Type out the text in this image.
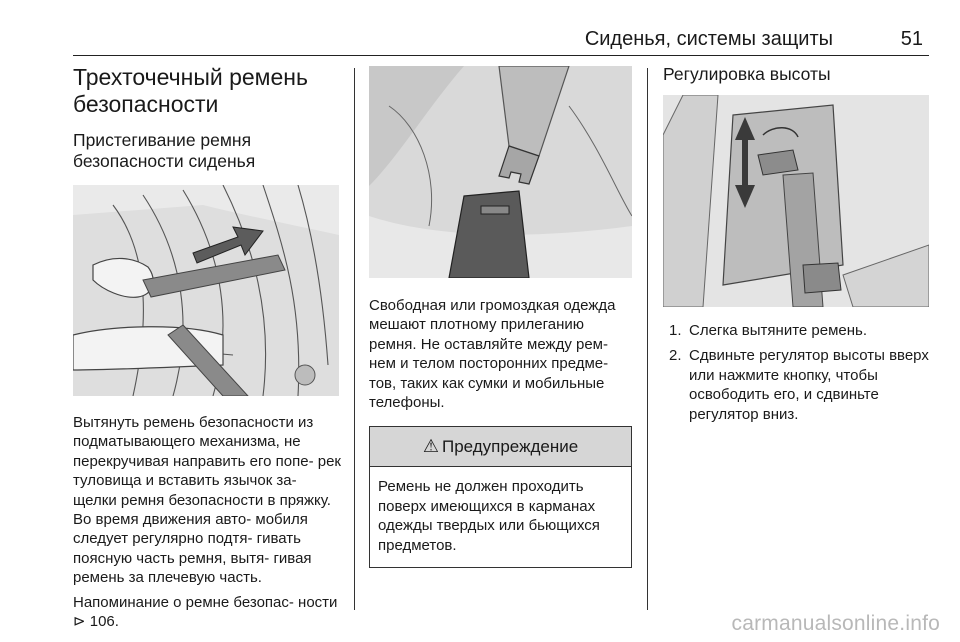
Сиденья, системы защиты	51
Трехточечный ремень безопасности
Пристегивание ремня безопасности сиденья

Вытянуть ремень безопасности из подматывающего механизма, не перекручивая направить его попе- рек туловища и вставить язычок за- щелки ремня безопасности в пряжку. Во время движения авто- мобиля следует регулярно подтя- гивать поясную часть ремня, вытя- гивая ремень за плечевую часть.

Напоминание о ремне безопас- ности ⊳ 106.

Свободная или громоздкая одежда мешают плотному прилеганию ремня. Не оставляйте между рем- нем и телом посторонних предме- тов, таких как сумки и мобильные телефоны.

⚠ Предупреждение
Ремень не должен проходить поверх имеющихся в карманах одежды твердых или бьющихся предметов.
Регулировка высоты
1. Слегка вытяните ремень.
2. Сдвиньте регулятор высоты вверх или нажмите кнопку, чтобы освободить его, и сдвиньте регулятор вниз.
carmanualsonline.info
